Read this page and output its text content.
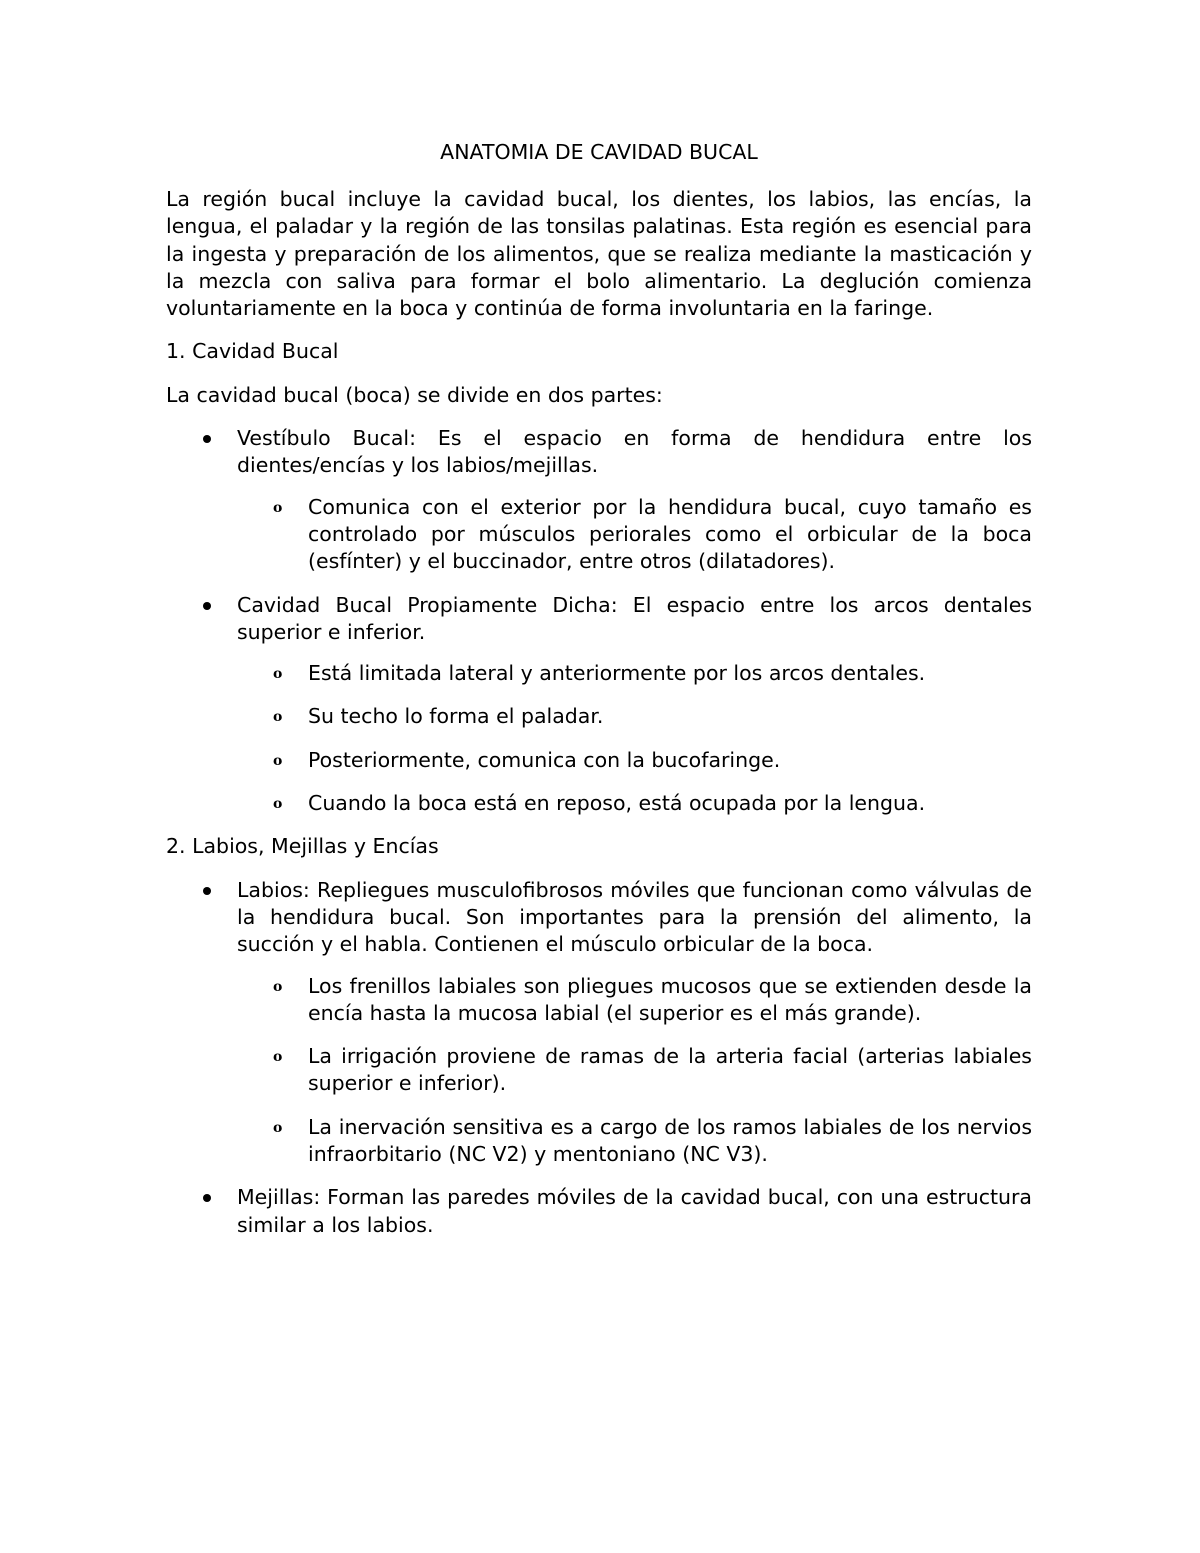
ANATOMIA DE CAVIDAD BUCAL
La región bucal incluye la cavidad bucal, los dientes, los labios, las encías, la lengua, el paladar y la región de las tonsilas palatinas. Esta región es esencial para la ingesta y preparación de los alimentos, que se realiza mediante la masticación y la mezcla con saliva para formar el bolo alimentario. La deglución comienza voluntariamente en la boca y continúa de forma involuntaria en la faringe.
1. Cavidad Bucal
La cavidad bucal (boca) se divide en dos partes:
Vestíbulo Bucal: Es el espacio en forma de hendidura entre los dientes/encías y los labios/mejillas.
o Comunica con el exterior por la hendidura bucal, cuyo tamaño es controlado por músculos periorales como el orbicular de la boca (esfínter) y el buccinador, entre otros (dilatadores).
Cavidad Bucal Propiamente Dicha: El espacio entre los arcos dentales superior e inferior.
o Está limitada lateral y anteriormente por los arcos dentales.
o Su techo lo forma el paladar.
o Posteriormente, comunica con la bucofaringe.
o Cuando la boca está en reposo, está ocupada por la lengua.
2. Labios, Mejillas y Encías
Labios: Repliegues musculofibrosos móviles que funcionan como válvulas de la hendidura bucal. Son importantes para la prensión del alimento, la succión y el habla. Contienen el músculo orbicular de la boca.
o Los frenillos labiales son pliegues mucosos que se extienden desde la encía hasta la mucosa labial (el superior es el más grande).
o La irrigación proviene de ramas de la arteria facial (arterias labiales superior e inferior).
o La inervación sensitiva es a cargo de los ramos labiales de los nervios infraorbitario (NC V2) y mentoniano (NC V3).
Mejillas: Forman las paredes móviles de la cavidad bucal, con una estructura similar a los labios.
